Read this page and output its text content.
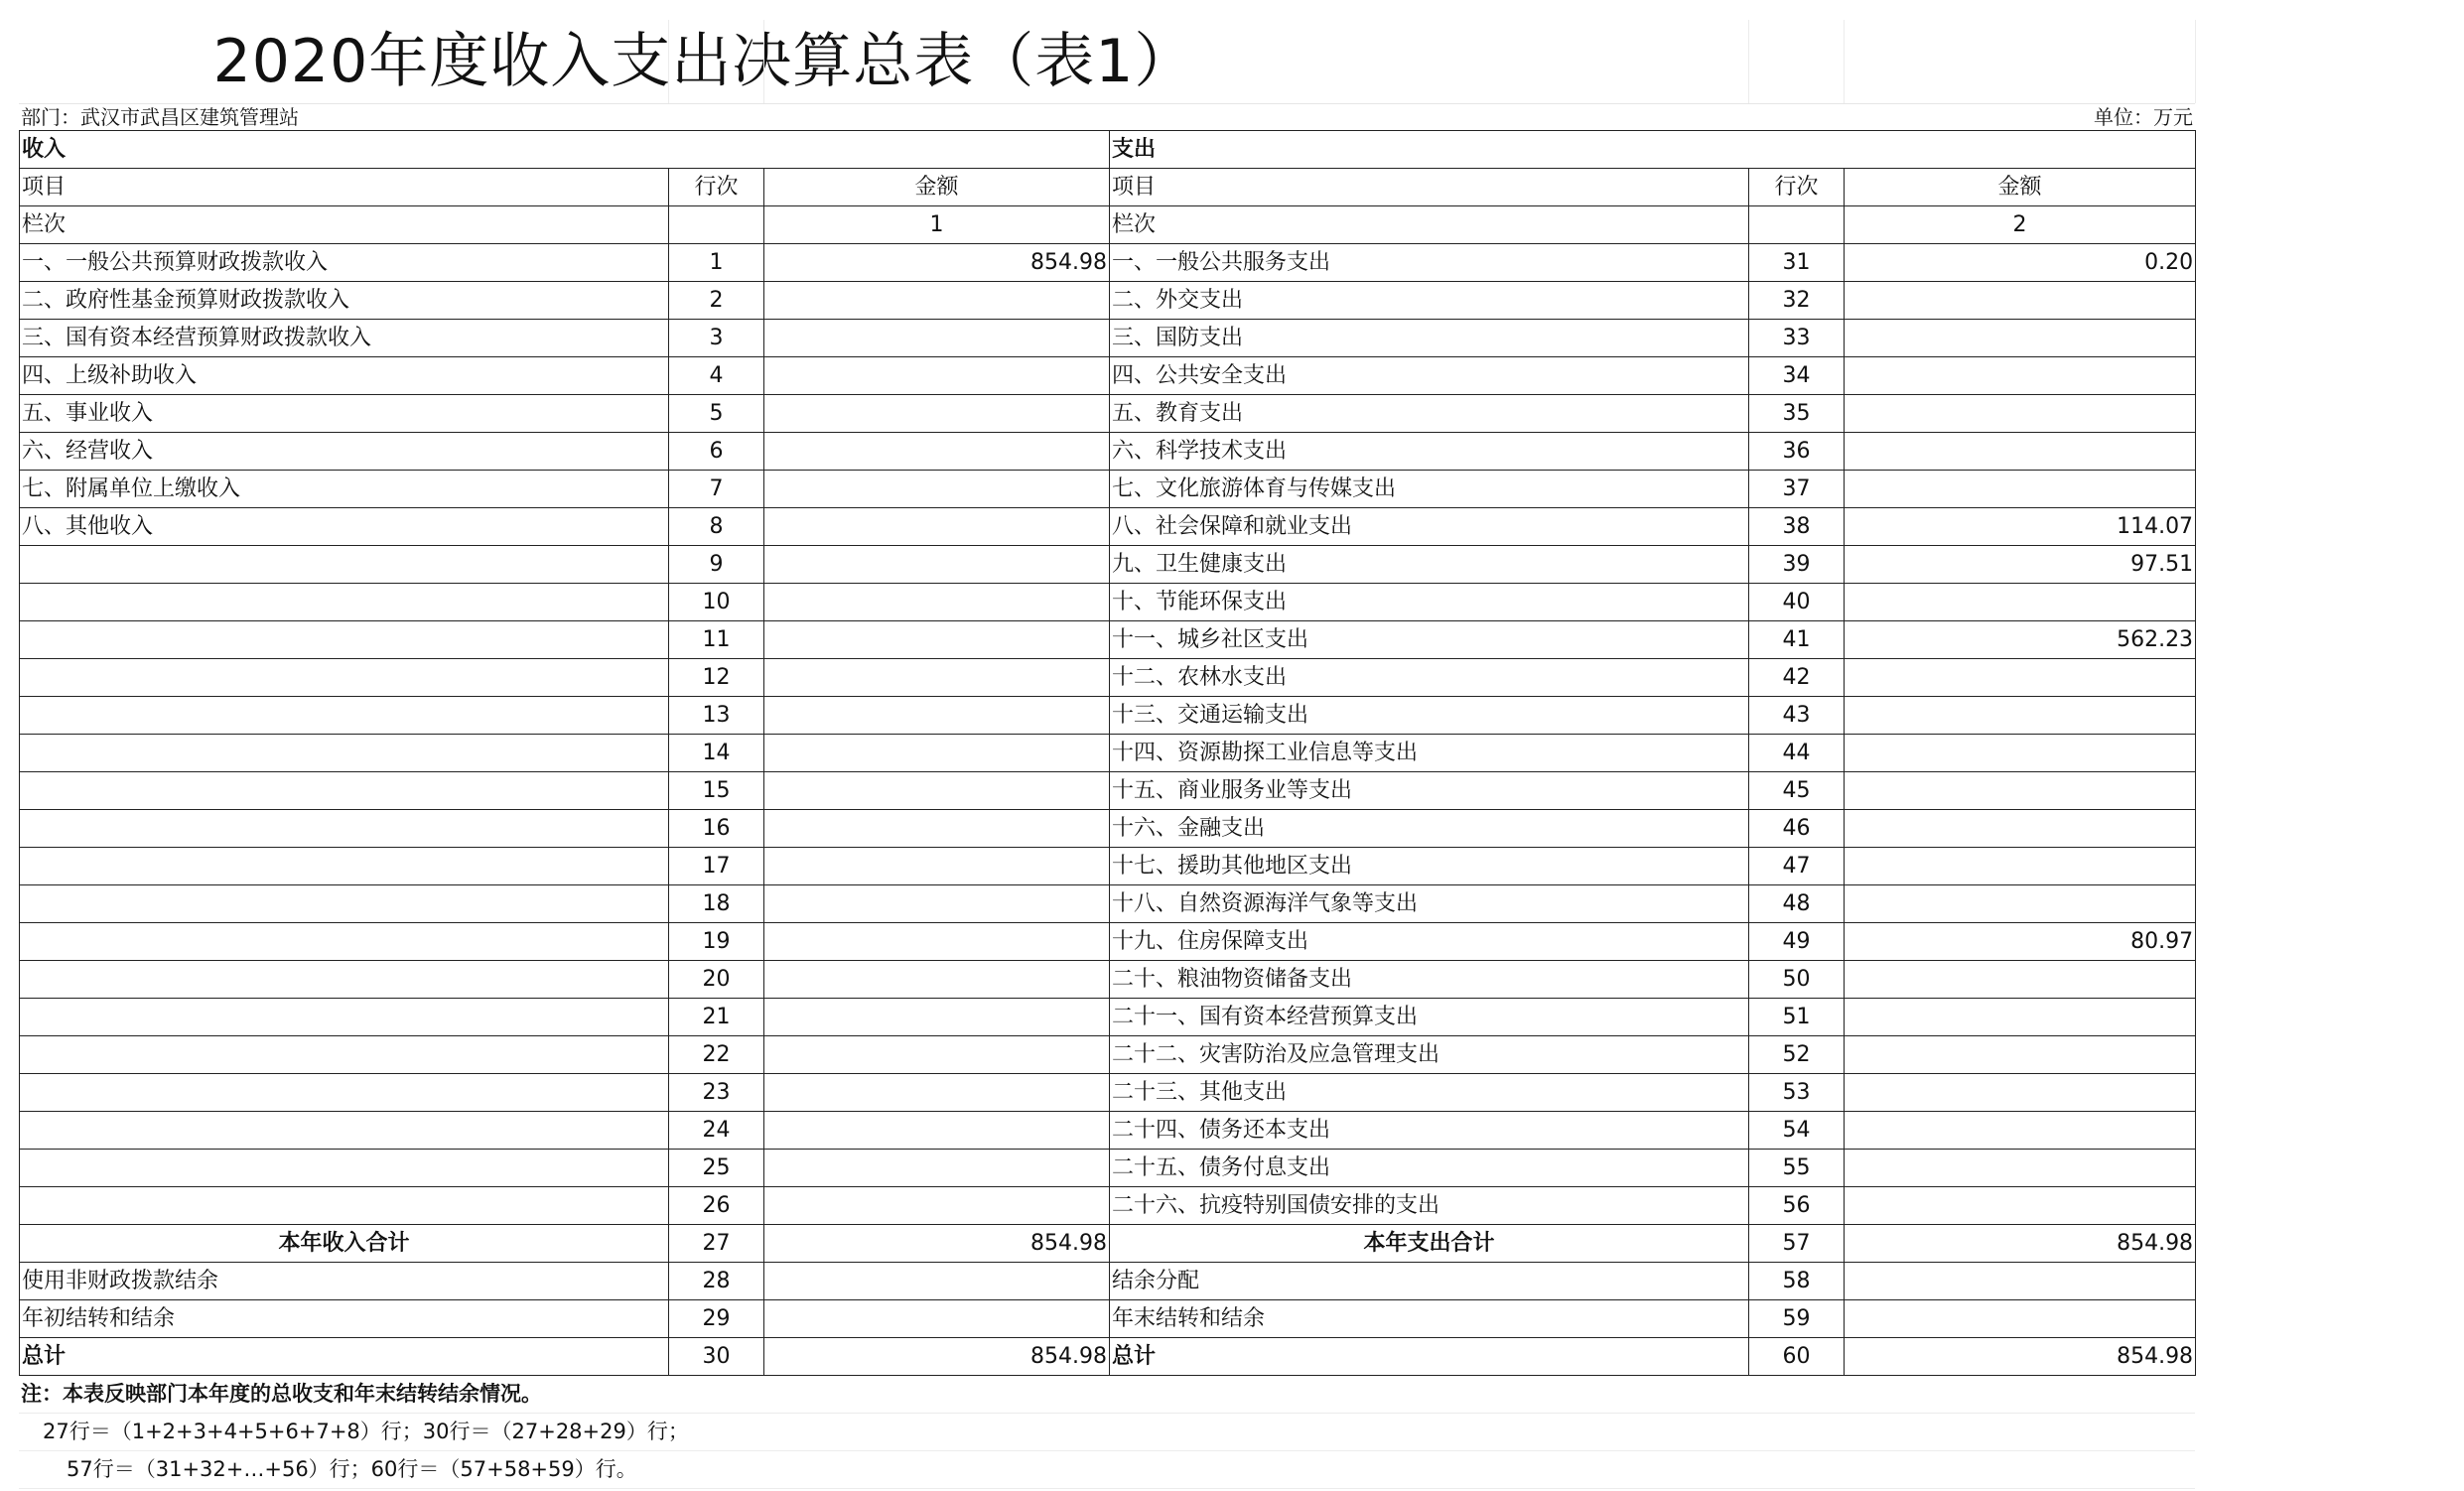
2020年度收入支出决算总表（表1）
部门：武汉市武昌区建筑管理站	单位：万元
收入			支出		
项目	行次	金额	项目	行次	金额
栏次		1	栏次		2
一、一般公共预算财政拨款收入	1	854.98	一、一般公共服务支出	31	0.20
二、政府性基金预算财政拨款收入	2		二、外交支出	32	
三、国有资本经营预算财政拨款收入	3		三、国防支出	33	
四、上级补助收入	4		四、公共安全支出	34	
五、事业收入	5		五、教育支出	35	
六、经营收入	6		六、科学技术支出	36	
七、附属单位上缴收入	7		七、文化旅游体育与传媒支出	37	
八、其他收入	8		八、社会保障和就业支出	38	114.07
	9		九、卫生健康支出	39	97.51
	10		十、节能环保支出	40	
	11		十一、城乡社区支出	41	562.23
	12		十二、农林水支出	42	
	13		十三、交通运输支出	43	
	14		十四、资源勘探工业信息等支出	44	
	15		十五、商业服务业等支出	45	
	16		十六、金融支出	46	
	17		十七、援助其他地区支出	47	
	18		十八、自然资源海洋气象等支出	48	
	19		十九、住房保障支出	49	80.97
	20		二十、粮油物资储备支出	50	
	21		二十一、国有资本经营预算支出	51	
	22		二十二、灾害防治及应急管理支出	52	
	23		二十三、其他支出	53	
	24		二十四、债务还本支出	54	
	25		二十五、债务付息支出	55	
	26		二十六、抗疫特别国债安排的支出	56	
本年收入合计	27	854.98	本年支出合计	57	854.98
使用非财政拨款结余	28		结余分配	58	
年初结转和结余	29		年末结转和结余	59	
总计	30	854.98	总计	60	854.98
注：本表反映部门本年度的总收支和年末结转结余情况。
27行＝（1+2+3+4+5+6+7+8）行；30行＝（27+28+29）行；
57行＝（31+32+…+56）行；60行＝（57+58+59）行。
